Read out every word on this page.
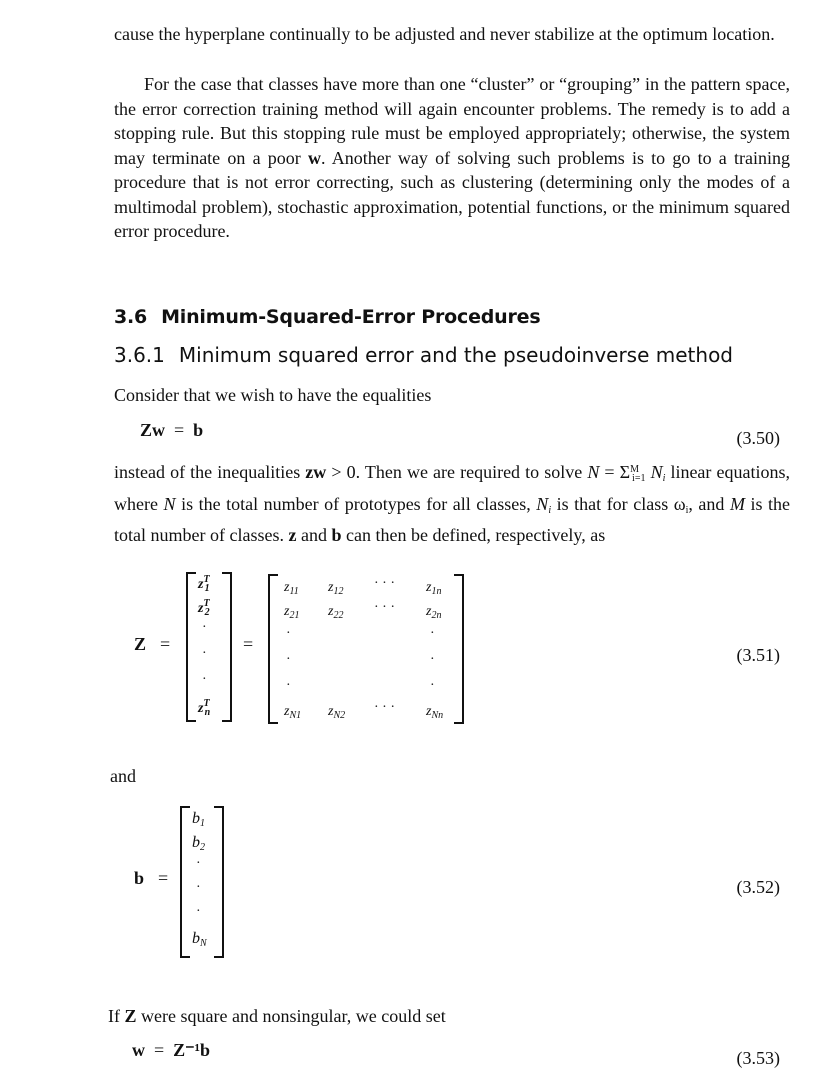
cause the hyperplane continually to be adjusted and never stabilize at the optimum location.

For the case that classes have more than one “cluster” or “grouping” in the pattern space, the error correction training method will again encounter problems. The remedy is to add a stopping rule. But this stopping rule must be employed appropriately; otherwise, the system may terminate on a poor w. Another way of solving such problems is to go to a training procedure that is not error correcting, such as clustering (determining only the modes of a multimodal problem), stochastic approximation, potential functions, or the minimum squared error procedure.

3.6 Minimum-Squared-Error Procedures
3.6.1 Minimum squared error and the pseudoinverse method

Consider that we wish to have the equalities

Zw = b	(3.50)

instead of the inequalities zw > 0. Then we are required to solve $N = \Sigma^M_{i=1}$ $N_i$ linear equations, where N is the total number of prototypes for all classes, $N_i$ is that for class $\omega_i$, and M is the total number of classes. z and b can then be defined, respectively, as

Z =
$z^T_1$
$z^T_2$
·
·
·
$z^T_n$
=
$z_{11}$ $z_{12}$
· · · $z_{1n}$
$z_{21}$ $z_{22}$
· · · $z_{2n}$
·
·
·
·
·
·
$z_{N1}$ $z_{N2}$
· · · $z_{Nn}$
(3.51)
and
b =
$b_1$
$b_2$
·
·
·
$b_N$
(3.52)

If Z were square and nonsingular, we could set

w = Z⁻¹b	(3.53)
